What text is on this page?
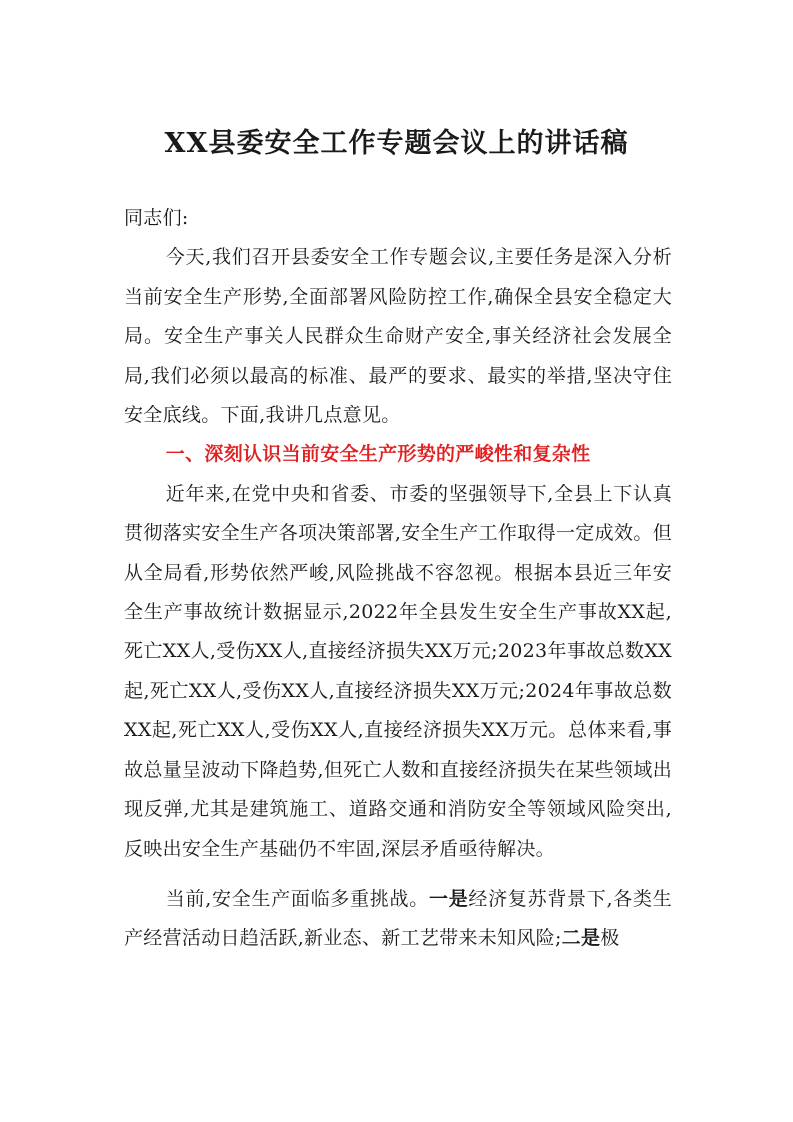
XX县委安全工作专题会议上的讲话稿

同志们:

今天,我们召开县委安全工作专题会议,主要任务是深入分析当前安全生产形势,全面部署风险防控工作,确保全县安全稳定大局。安全生产事关人民群众生命财产安全,事关经济社会发展全局,我们必须以最高的标准、最严的要求、最实的举措,坚决守住安全底线。下面,我讲几点意见。

一、深刻认识当前安全生产形势的严峻性和复杂性

近年来,在党中央和省委、市委的坚强领导下,全县上下认真贯彻落实安全生产各项决策部署,安全生产工作取得一定成效。但从全局看,形势依然严峻,风险挑战不容忽视。根据本县近三年安全生产事故统计数据显示,2022年全县发生安全生产事故XX起,死亡XX人,受伤XX人,直接经济损失XX万元;2023年事故总数XX起,死亡XX人,受伤XX人,直接经济损失XX万元;2024年事故总数XX起,死亡XX人,受伤XX人,直接经济损失XX万元。总体来看,事故总量呈波动下降趋势,但死亡人数和直接经济损失在某些领域出现反弹,尤其是建筑施工、道路交通和消防安全等领域风险突出,反映出安全生产基础仍不牢固,深层矛盾亟待解决。

当前,安全生产面临多重挑战。一是经济复苏背景下,各类生产经营活动日趋活跃,新业态、新工艺带来未知风险;二是极
